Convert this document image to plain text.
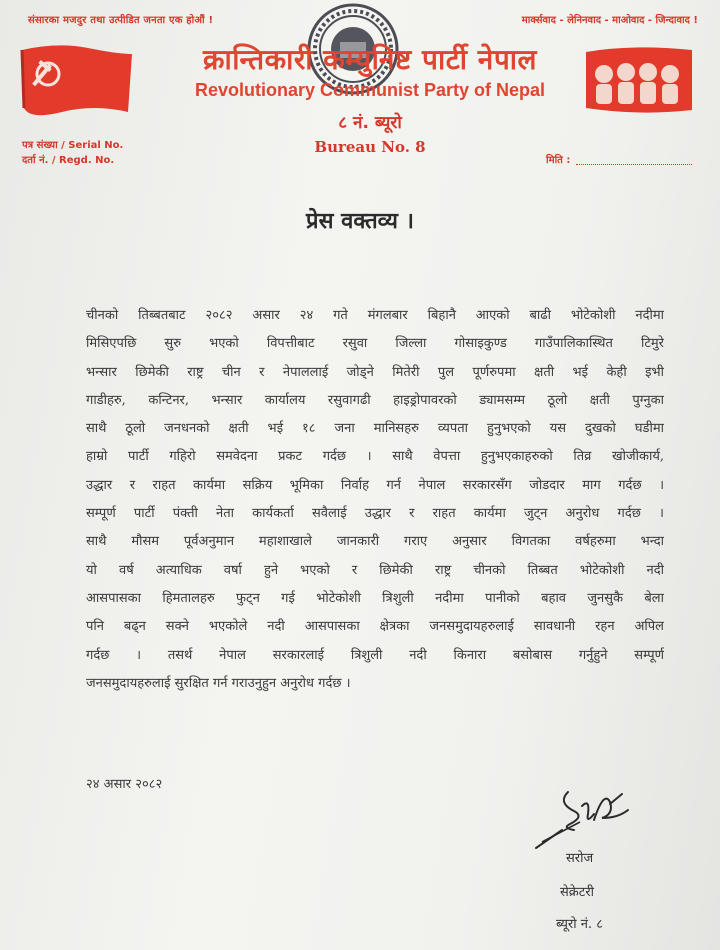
संसारका मजदुर तथा उत्पीडित जनता एक होऔं !	मार्क्सवाद - लेनिनवाद - माओवाद - जिन्दावाद !
क्रान्तिकारी कम्युनिष्ट पार्टी नेपाल
Revolutionary Communist Party of Nepal
८ नं. ब्यूरो
Bureau No. 8
पत्र संख्या / Serial No.
दर्ता नं. / Regd. No.	मिति :
प्रेस वक्तव्य ।
चीनको तिब्बतबाट २०८२ असार २४ गते मंगलबार बिहानै आएको बाढी भोटेकोशी नदीमा
मिसिएपछि सुरु भएको विपत्तीबाट रसुवा जिल्ला गोसाइकुण्ड गाउँपालिकास्थित टिमुरे
भन्सार छिमेकी राष्ट्र चीन र नेपाललाई जोड्ने मितेरी पुल पूर्णरुपमा क्षती भई केही इभी
गाडीहरु, कन्टिनर, भन्सार कार्यालय रसुवागढी हाइड्रोपावरको ड्यामसम्म ठूलो क्षती पुग्नुका
साथै ठूलो जनधनको क्षती भई १८ जना मानिसहरु व्यपता हुनुभएको यस दुखको घडीमा
हाम्रो पार्टी गहिरो समवेदना प्रकट गर्दछ । साथै वेपत्ता हुनुभएकाहरुको तिव्र खोजीकार्य,
उद्धार र राहत कार्यमा सक्रिय भूमिका निर्वाह गर्न नेपाल सरकारसँग जोडदार माग गर्दछ ।
सम्पूर्ण पार्टी पंक्ती नेता कार्यकर्ता सवैलाई उद्धार र राहत कार्यमा जुट्न अनुरोध गर्दछ ।
साथै मौसम पूर्वअनुमान महाशाखाले जानकारी गराए अनुसार विगतका वर्षहरुमा भन्दा
यो वर्ष अत्याधिक वर्षा हुने भएको र छिमेकी राष्ट्र चीनको तिब्बत भोटेकोशी नदी
आसपासका हिमतालहरु फुट्न गई भोटेकोशी त्रिशुली नदीमा पानीको बहाव जुनसुकै बेला
पनि बढ्न सक्ने भएकोले नदी आसपासका क्षेत्रका जनसमुदायहरुलाई सावधानी रहन अपिल
गर्दछ । तसर्थ नेपाल सरकारलाई त्रिशुली नदी किनारा बसोबास गर्नुहुने सम्पूर्ण
जनसमुदायहरुलाई सुरक्षित गर्न गराउनुहुन अनुरोध गर्दछ ।
२४ असार २०८२
सरोज
सेक्रेटरी
ब्यूरो नं. ८
